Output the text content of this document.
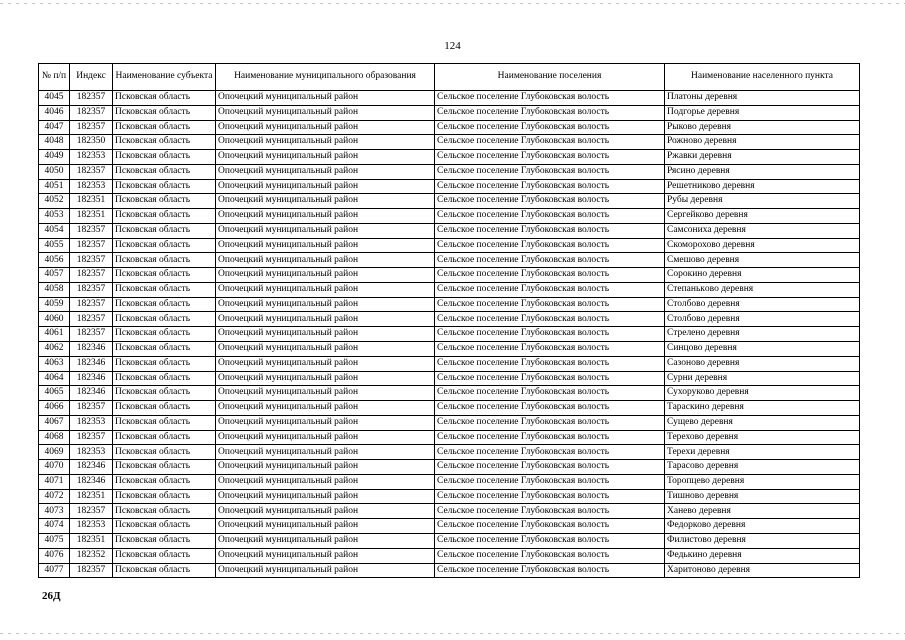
124
№ п/п	Индекс	Наименование субъекта	Наименование муниципального образования	Наименование поселения	Наименование населенного пункта
4045	182357	Псковская область	Опочецкий муниципальный район	Сельское поселение Глубоковская волость	Платоны деревня
4046	182357	Псковская область	Опочецкий муниципальный район	Сельское поселение Глубоковская волость	Подгорье деревня
4047	182357	Псковская область	Опочецкий муниципальный район	Сельское поселение Глубоковская волость	Рыково деревня
4048	182350	Псковская область	Опочецкий муниципальный район	Сельское поселение Глубоковская волость	Рожново деревня
4049	182353	Псковская область	Опочецкий муниципальный район	Сельское поселение Глубоковская волость	Ржавки деревня
4050	182357	Псковская область	Опочецкий муниципальный район	Сельское поселение Глубоковская волость	Рясино деревня
4051	182353	Псковская область	Опочецкий муниципальный район	Сельское поселение Глубоковская волость	Решетниково деревня
4052	182351	Псковская область	Опочецкий муниципальный район	Сельское поселение Глубоковская волость	Рубы деревня
4053	182351	Псковская область	Опочецкий муниципальный район	Сельское поселение Глубоковская волость	Сергейково деревня
4054	182357	Псковская область	Опочецкий муниципальный район	Сельское поселение Глубоковская волость	Самсониха деревня
4055	182357	Псковская область	Опочецкий муниципальный район	Сельское поселение Глубоковская волость	Скоморохово деревня
4056	182357	Псковская область	Опочецкий муниципальный район	Сельское поселение Глубоковская волость	Смешово деревня
4057	182357	Псковская область	Опочецкий муниципальный район	Сельское поселение Глубоковская волость	Сорокино деревня
4058	182357	Псковская область	Опочецкий муниципальный район	Сельское поселение Глубоковская волость	Степанькoво деревня
4059	182357	Псковская область	Опочецкий муниципальный район	Сельское поселение Глубоковская волость	Столбово деревня
4060	182357	Псковская область	Опочецкий муниципальный район	Сельское поселение Глубоковская волость	Столбово деревня
4061	182357	Псковская область	Опочецкий муниципальный район	Сельское поселение Глубоковская волость	Стрелено деревня
4062	182346	Псковская область	Опочецкий муниципальный район	Сельское поселение Глубоковская волость	Синцово деревня
4063	182346	Псковская область	Опочецкий муниципальный район	Сельское поселение Глубоковская волость	Сазоново деревня
4064	182346	Псковская область	Опочецкий муниципальный район	Сельское поселение Глубоковская волость	Сурни деревня
4065	182346	Псковская область	Опочецкий муниципальный район	Сельское поселение Глубоковская волость	Сухоруково деревня
4066	182357	Псковская область	Опочецкий муниципальный район	Сельское поселение Глубоковская волость	Тараскино деревня
4067	182353	Псковская область	Опочецкий муниципальный район	Сельское поселение Глубоковская волость	Сущево деревня
4068	182357	Псковская область	Опочецкий муниципальный район	Сельское поселение Глубоковская волость	Терехово деревня
4069	182353	Псковская область	Опочецкий муниципальный район	Сельское поселение Глубоковская волость	Терехи деревня
4070	182346	Псковская область	Опочецкий муниципальный район	Сельское поселение Глубоковская волость	Тарасово деревня
4071	182346	Псковская область	Опочецкий муниципальный район	Сельское поселение Глубоковская волость	Торопцево деревня
4072	182351	Псковская область	Опочецкий муниципальный район	Сельское поселение Глубоковская волость	Тишново деревня
4073	182357	Псковская область	Опочецкий муниципальный район	Сельское поселение Глубоковская волость	Ханево деревня
4074	182353	Псковская область	Опочецкий муниципальный район	Сельское поселение Глубоковская волость	Федорково деревня
4075	182351	Псковская область	Опочецкий муниципальный район	Сельское поселение Глубоковская волость	Филистово деревня
4076	182352	Псковская область	Опочецкий муниципальный район	Сельское поселение Глубоковская волость	Федькино деревня
4077	182357	Псковская область	Опочецкий муниципальный район	Сельское поселение Глубоковская волость	Харитоново деревня
26Д
